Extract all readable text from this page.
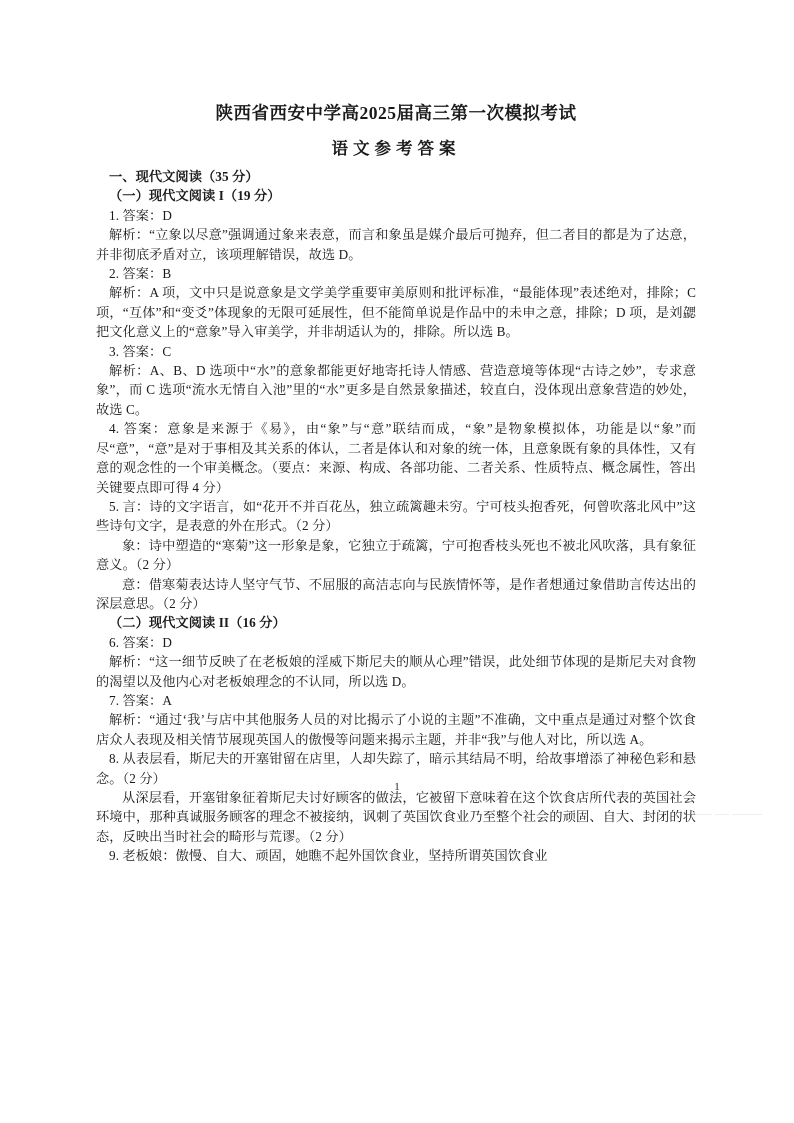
陕西省西安中学高2025届高三第一次模拟考试
语文参考答案

一、现代文阅读（35 分）

（一）现代文阅读 I（19 分）

1. 答案：D

解析：“立象以尽意”强调通过象来表意，而言和象虽是媒介最后可抛弃，但二者目的都是为了达意，并非彻底矛盾对立，该项理解错误，故选 D。

2. 答案：B

解析：A 项，文中只是说意象是文学美学重要审美原则和批评标准，“最能体现”表述绝对，排除；C 项，“互体”和“变爻”体现象的无限可延展性，但不能简单说是作品中的未申之意，排除；D 项，是刘勰把文化意义上的“意象”导入审美学，并非胡适认为的，排除。所以选 B。

3. 答案：C

解析：A、B、D 选项中“水”的意象都能更好地寄托诗人情感、营造意境等体现“古诗之妙”，专求意象”，而 C 选项“流水无情自入池”里的“水”更多是自然景象描述，较直白，没体现出意象营造的妙处，故选 C。

4. 答案：意象是来源于《易》，由“象”与“意”联结而成，“象”是物象模拟体，功能是以“象”而尽“意”，“意”是对于事相及其关系的体认，二者是体认和对象的统一体，且意象既有象的具体性，又有意的观念性的一个审美概念。（要点：来源、构成、各部功能、二者关系、性质特点、概念属性，答出关键要点即可得 4 分）

5. 言：诗的文字语言，如“花开不并百花丛，独立疏篱趣未穷。宁可枝头抱香死，何曾吹落北风中”这些诗句文字，是表意的外在形式。（2 分）

象：诗中塑造的“寒菊”这一形象是象，它独立于疏篱，宁可抱香枝头死也不被北风吹落，具有象征意义。（2 分）

意：借寒菊表达诗人坚守气节、不屈服的高洁志向与民族情怀等，是作者想通过象借助言传达出的深层意思。（2 分）

（二）现代文阅读 II（16 分）

6. 答案：D

解析：“这一细节反映了在老板娘的淫威下斯尼夫的顺从心理”错误，此处细节体现的是斯尼夫对食物的渴望以及他内心对老板娘理念的不认同，所以选 D。

7. 答案：A

解析：“通过‘我’与店中其他服务人员的对比揭示了小说的主题”不准确，文中重点是通过对整个饮食店众人表现及相关情节展现英国人的傲慢等问题来揭示主题，并非“我”与他人对比，所以选 A。

8. 从表层看，斯尼夫的开塞钳留在店里，人却失踪了，暗示其结局不明，给故事增添了神秘色彩和悬念。（2 分）

从深层看，开塞钳象征着斯尼夫讨好顾客的做法，它被留下意味着在这个饮食店所代表的英国社会环境中，那种真诚服务顾客的理念不被接纳，讽刺了英国饮食业乃至整个社会的顽固、自大、封闭的状态，反映出当时社会的畸形与荒谬。（2 分）

9. 老板娘：傲慢、自大、顽固，她瞧不起外国饮食业，坚持所谓英国饮食业

1
